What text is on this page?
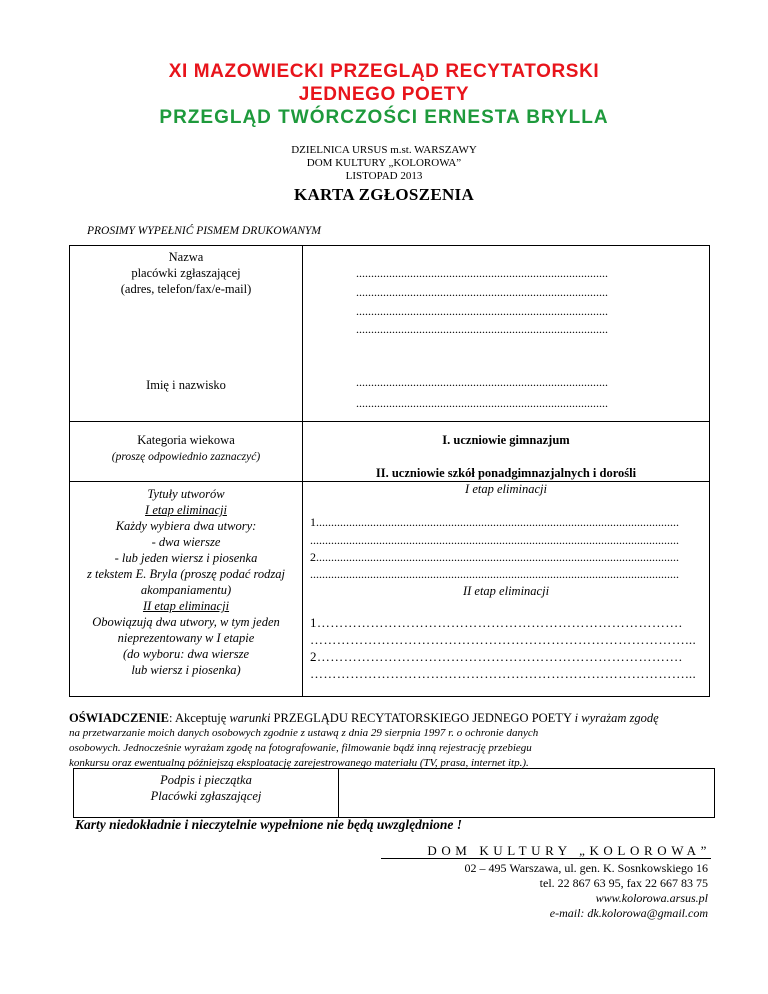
XI MAZOWIECKI PRZEGLĄD RECYTATORSKI
JEDNEGO POETY
PRZEGLĄD TWÓRCZOŚCI ERNESTA BRYLLA
DZIELNICA URSUS m.st. WARSZAWY
DOM KULTURY „KOLOROWA”
LISTOPAD 2013
KARTA ZGŁOSZENIA
PROSIMY WYPEŁNIĆ PISMEM DRUKOWANYM
Nazwa
placówki zgłaszającej
(adres, telefon/fax/e-mail)
....................................................................................
....................................................................................
....................................................................................
....................................................................................
Imię i nazwisko	....................................................................................
....................................................................................
Kategoria wiekowa
(proszę odpowiednio zaznaczyć)
I. uczniowie gimnazjum
II. uczniowie szkół ponadgimnazjalnych i dorośli
Tytuły utworów
I etap eliminacji
Każdy wybiera dwa utwory:
- dwa wiersze
- lub jeden wiersz i piosenka
z tekstem E. Bryla (proszę podać rodzaj
akompaniamentu)
II etap eliminacji
Obowiązują dwa utwory, w tym jeden
nieprezentowany w I etapie
(do wyboru: dwa wiersze
lub wiersz i piosenka)
I etap eliminacji
1.........................................................................................................................
...........................................................................................................................
2.........................................................................................................................
...........................................................................................................................
II etap eliminacji
1……………………………………………………………………….
…………………………………………………………………………...
2……………………………………………………………………….
…………………………………………………………………………...
OŚWIADCZENIE: Akceptuję warunki PRZEGLĄDU RECYTATORSKIEGO JEDNEGO POETY i wyrażam zgodę
na przetwarzanie moich danych osobowych zgodnie z ustawą z dnia 29 sierpnia 1997 r. o ochronie danych
osobowych. Jednocześnie wyrażam zgodę na fotografowanie, filmowanie bądź inną rejestrację przebiegu
konkursu oraz ewentualną późniejszą eksploatację zarejestrowanego materiału (TV, prasa, internet itp.).
Podpis i pieczątka
Placówki zgłaszającej
Karty niedokładnie i nieczytelnie wypełnione nie będą uwzględnione !
DOM KULTURY „KOLOROWA”
02 – 495 Warszawa, ul. gen. K. Sosnkowskiego 16
tel. 22 867 63 95, fax 22 667 83 75
www.kolorowa.arsus.pl
e-mail: dk.kolorowa@gmail.com
